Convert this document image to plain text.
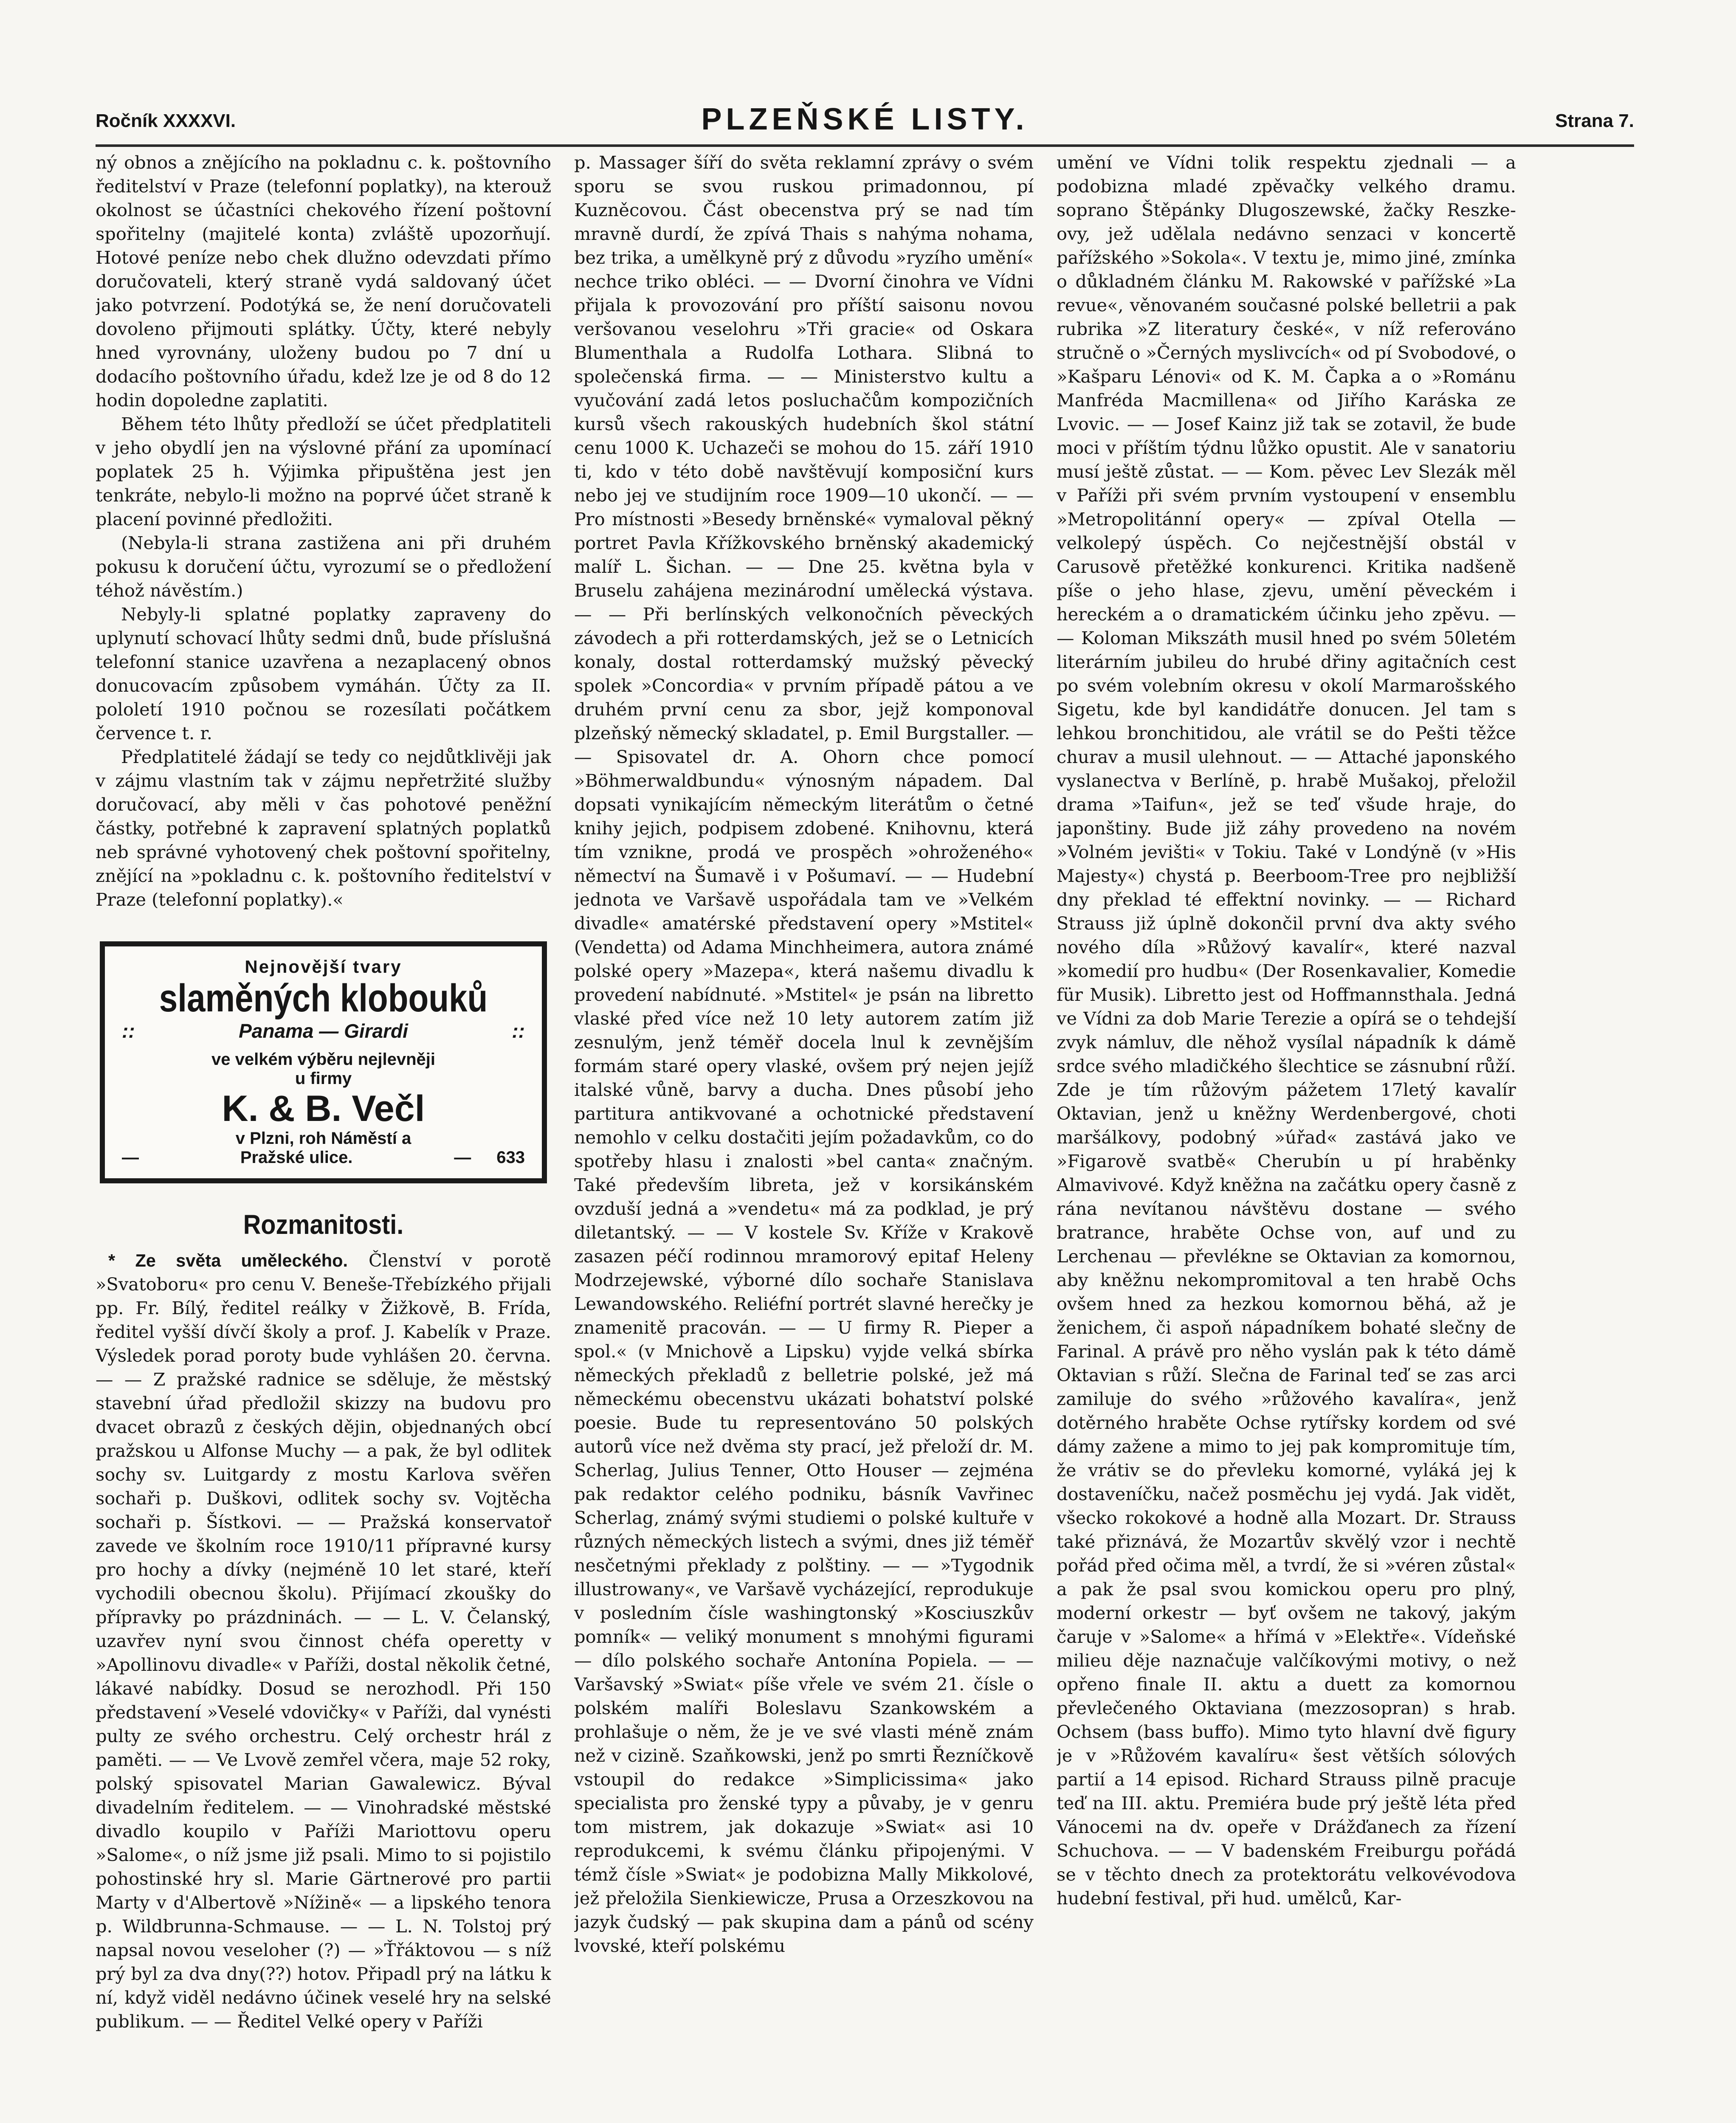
Ročník XXXXVI.	PLZEŇSKÉ LISTY.	Strana 7.

ný obnos a znějícího na pokladnu c. k. poštovního ředitelství v Praze (telefonní poplatky), na kterouž okolnost se účastníci chekového řízení poštovní spořitelny (majitelé konta) zvláště upozorňují. Hotové peníze nebo chek dlužno odevzdati přímo doručovateli, který straně vydá saldovaný účet jako potvrzení. Podotýká se, že není doručovateli dovoleno přijmouti splátky. Účty, které nebyly hned vyrovnány, uloženy budou po 7 dní u dodacího poštovního úřadu, kdež lze je od 8 do 12 hodin dopoledne zaplatiti.

Během této lhůty předloží se účet předplatiteli v jeho obydlí jen na výslovné přání za upomínací poplatek 25 h. Výjimka připuštěna jest jen tenkráte, nebylo-li možno na poprvé účet straně k placení povinné předložiti.

(Nebyla-li strana zastižena ani při druhém pokusu k doručení účtu, vyrozumí se o předložení téhož návěstím.)

Nebyly-li splatné poplatky zapraveny do uplynutí schovací lhůty sedmi dnů, bude příslušná telefonní stanice uzavřena a nezaplacený obnos donucovacím způsobem vymáhán. Účty za II. pololetí 1910 počnou se rozesílati počátkem července t. r.

Předplatitelé žádají se tedy co nejdůtklivěji jak v zájmu vlastním tak v zájmu nepřetržité služby doručovací, aby měli v čas pohotové peněžní částky, potřebné k zapravení splatných poplatků neb správné vyhotovený chek poštovní spořitelny, znějící na »pokladnu c. k. poštovního ředitelství v Praze (telefonní poplatky).«

Nejnovější tvary
slaměných klobouků
::	Panama — Girardi	::
ve velkém výběru nejlevněji
u firmy
K. & B. Večl
v Plzni, roh Náměstí a
—	Pražské ulice.	— 633
Rozmanitosti.

* Ze světa uměleckého. Členství v porotě »Svatoboru« pro cenu V. Beneše-Třebízkého přijali pp. Fr. Bílý, ředitel reálky v Žižkově, B. Frída, ředitel vyšší dívčí školy a prof. J. Kabelík v Praze. Výsledek porad poroty bude vyhlášen 20. června. — — Z pražské radnice se sděluje, že městský stavební úřad předložil skizzy na budovu pro dvacet obrazů z českých dějin, objednaných obcí pražskou u Alfonse Muchy — a pak, že byl odlitek sochy sv. Luitgardy z mostu Karlova svěřen sochaři p. Duškovi, odlitek sochy sv. Vojtěcha sochaři p. Šístkovi. — — Pražská konservatoř zavede ve školním roce 1910/11 přípravné kursy pro hochy a dívky (nejméně 10 let staré, kteří vychodili obecnou školu). Přijímací zkoušky do přípravky po prázdninách. — — L. V. Čelanský, uzavřev nyní svou činnost chéfa operetty v »Apollinovu divadle« v Paříži, dostal několik četné, lákavé nabídky. Dosud se nerozhodl. Při 150 představení »Veselé vdovičky« v Paříži, dal vynésti pulty ze svého orchestru. Celý orchestr hrál z paměti. — — Ve Lvově zemřel včera, maje 52 roky, polský spisovatel Marian Gawalewicz. Býval divadelním ředitelem. — — Vinohradské městské divadlo koupilo v Paříži Mariottovu operu »Salome«, o níž jsme již psali. Mimo to si pojistilo pohostinské hry sl. Marie Gärtnerové pro partii Marty v d'Albertově »Nížině« — a lipského tenora p. Wildbrunna-Schmause. — — L. N. Tolstoj prý napsal novou veseloher (?) — »Ťřáktovou — s níž prý byl za dva dny(??) hotov. Připadl prý na látku k ní, když viděl nedávno účinek veselé hry na selské publikum. — — Ředitel Velké opery v Paříži

p. Massager šíří do světa reklamní zprávy o svém sporu se svou ruskou primadonnou, pí Kuzněcovou. Část obecenstva prý se nad tím mravně durdí, že zpívá Thais s nahýma nohama, bez trika, a umělkyně prý z důvodu »ryzího umění« nechce triko obléci. — — Dvorní činohra ve Vídni přijala k provozování pro příští saisonu novou veršovanou veselohru »Tři gracie« od Oskara Blumenthala a Rudolfa Lothara. Slibná to společenská firma. — — Ministerstvo kultu a vyučování zadá letos posluchačům kompozičních kursů všech rakouských hudebních škol státní cenu 1000 K. Uchazeči se mohou do 15. září 1910 ti, kdo v této době navštěvují komposiční kurs nebo jej ve studijním roce 1909—10 ukončí. — — Pro místnosti »Besedy brněnské« vymaloval pěkný portret Pavla Křížkovského brněnský akademický malíř L. Šichan. — — Dne 25. května byla v Bruselu zahájena mezinárodní umělecká výstava. — — Při berlínských velkonočních pěveckých závodech a při rotterdamských, jež se o Letnicích konaly, dostal rotterdamský mužský pěvecký spolek »Concordia« v prvním případě pátou a ve druhém první cenu za sbor, jejž komponoval plzeňský německý skladatel, p. Emil Burgstaller. — — Spisovatel dr. A. Ohorn chce pomocí »Böhmerwaldbundu« výnosným nápadem. Dal dopsati vynikajícím německým literátům o četné knihy jejich, podpisem zdobené. Knihovnu, která tím vznikne, prodá ve prospěch »ohroženého« němectví na Šumavě i v Pošumaví. — — Hudební jednota ve Varšavě uspořádala tam ve »Velkém divadle« amatérské představení opery »Mstitel« (Vendetta) od Adama Minchheimera, autora známé polské opery »Mazepa«, která našemu divadlu k provedení nabídnuté. »Mstitel« je psán na libretto vlaské před více než 10 lety autorem zatím již zesnulým, jenž téměř docela lnul k zevnějším formám staré opery vlaské, ovšem prý nejen jejíž italské vůně, barvy a ducha. Dnes působí jeho partitura antikvované a ochotnické představení nemohlo v celku dostačiti jejím požadavkům, co do spotřeby hlasu i znalosti »bel canta« značným. Také především libreta, jež v korsikánském ovzduší jedná a »vendetu« má za podklad, je prý diletantský. — — V kostele Sv. Kříže v Krakově zasazen péčí rodinnou mramorový epitaf Heleny Modrzejewské, výborné dílo sochaře Stanislava Lewandowského. Reliéfní portrét slavné herečky je znamenitě pracován. — — U firmy R. Pieper a spol.« (v Mnichově a Lipsku) vyjde velká sbírka německých překladů z belletrie polské, jež má německému obecenstvu ukázati bohatství polské poesie. Bude tu representováno 50 polských autorů více než dvěma sty prací, jež přeloží dr. M. Scherlag, Julius Tenner, Otto Houser — zejména pak redaktor celého podniku, básník Vavřinec Scherlag, známý svými studiemi o polské kultuře v různých německých listech a svými, dnes již téměř nesčetnými překlady z polštiny. — — »Tygodnik illustrowany«, ve Varšavě vycházející, reprodukuje v posledním čísle washingtonský »Kosciuszkův pomník« — veliký monument s mnohými figurami — dílo polského sochaře Antonína Popiela. — — Varšavský »Swiat« píše vřele ve svém 21. čísle o polském malíři Boleslavu Szankowském a prohlašuje o něm, že je ve své vlasti méně znám než v cizině. Szaňkowski, jenž po smrti Řezníčkově vstoupil do redakce »Simplicissima« jako specialista pro ženské typy a půvaby, je v genru tom mistrem, jak dokazuje »Swiat« asi 10 reprodukcemi, k svému článku připojenými. V témž čísle »Swiat« je podobizna Mally Mikkolové, jež přeložila Sienkiewicze, Prusa a Orzeszkovou na jazyk čudský — pak skupina dam a pánů od scény lvovské, kteří polskému

umění ve Vídni tolik respektu zjednali — a podobizna mladé zpěvačky velkého dramu. soprano Štěpánky Dlugoszewské, žačky Reszke-ovy, jež udělala nedávno senzaci v koncertě pařížského »Sokola«. V textu je, mimo jiné, zmínka o důkladném článku M. Rakowské v pařížské »La revue«, věnovaném současné polské belletrii a pak rubrika »Z literatury české«, v níž referováno stručně o »Černých myslivcích« od pí Svobodové, o »Kašparu Lénovi« od K. M. Čapka a o »Románu Manfréda Macmillena« od Jiřího Karáska ze Lvovic. — — Josef Kainz již tak se zotavil, že bude moci v příštím týdnu lůžko opustit. Ale v sanatoriu musí ještě zůstat. — — Kom. pěvec Lev Slezák měl v Paříži při svém prvním vystoupení v ensemblu »Metropolitánní opery« — zpíval Otella — velkolepý úspěch. Co nejčestnější obstál v Carusově přetěžké konkurenci. Kritika nadšeně píše o jeho hlase, zjevu, umění pěveckém i hereckém a o dramatickém účinku jeho zpěvu. — — Koloman Mikszáth musil hned po svém 50letém literárním jubileu do hrubé dřiny agitačních cest po svém volebním okresu v okolí Marmarošského Sigetu, kde byl kandidátře donucen. Jel tam s lehkou bronchitidou, ale vrátil se do Pešti těžce churav a musil ulehnout. — — Attaché japonského vyslanectva v Berlíně, p. hrabě Mušakoj, přeložil drama »Taifun«, jež se teď všude hraje, do japonštiny. Bude již záhy provedeno na novém »Volném jevišti« v Tokiu. Také v Londýně (v »His Majesty«) chystá p. Beerboom-Tree pro nejbližší dny překlad té effektní novinky. — — Richard Strauss již úplně dokončil první dva akty svého nového díla »Růžový kavalír«, které nazval »komedií pro hudbu« (Der Rosenkavalier, Komedie für Musik). Libretto jest od Hoffmannsthala. Jedná ve Vídni za dob Marie Terezie a opírá se o tehdejší zvyk námluv, dle něhož vysílal nápadník k dámě srdce svého mladičkého šlechtice se zásnubní růží. Zde je tím růžovým pážetem 17letý kavalír Oktavian, jenž u kněžny Werdenbergové, choti maršálkovy, podobný »úřad« zastává jako ve »Figarově svatbě« Cherubín u pí hraběnky Almavivové. Když kněžna na začátku opery časně z rána nevítanou návštěvu dostane — svého bratrance, hraběte Ochse von, auf und zu Lerchenau — převlékne se Oktavian za komornou, aby kněžnu nekompromitoval a ten hrabě Ochs ovšem hned za hezkou komornou běhá, až je ženichem, či aspoň nápadníkem bohaté slečny de Farinal. A právě pro něho vyslán pak k této dámě Oktavian s růží. Slečna de Farinal teď se zas arci zamiluje do svého »růžového kavalíra«, jenž dotěrného hraběte Ochse rytířsky kordem od své dámy zažene a mimo to jej pak kompromituje tím, že vrátiv se do převleku komorné, vyláká jej k dostaveníčku, načež posměchu jej vydá. Jak vidět, všecko rokokové a hodně alla Mozart. Dr. Strauss také přiznává, že Mozartův skvělý vzor i nechtě pořád před očima měl, a tvrdí, že si »véren zůstal« a pak že psal svou komickou operu pro plný, moderní orkestr — byť ovšem ne takový, jakým čaruje v »Salome« a hřímá v »Elektře«. Vídeňské milieu děje naznačuje valčíkovými motivy, o než opřeno finale II. aktu a duett za komornou převlečeného Oktaviana (mezzosopran) s hrab. Ochsem (bass buffo). Mimo tyto hlavní dvě figury je v »Růžovém kavalíru« šest větších sólových partií a 14 episod. Richard Strauss pilně pracuje teď na III. aktu. Premiéra bude prý ještě léta před Vánocemi na dv. opeře v Drážďanech za řízení Schuchova. — — V badenském Freiburgu pořádá se v těchto dnech za protektorátu velkovévodova hudební festival, při hud. umělců, Kar-
